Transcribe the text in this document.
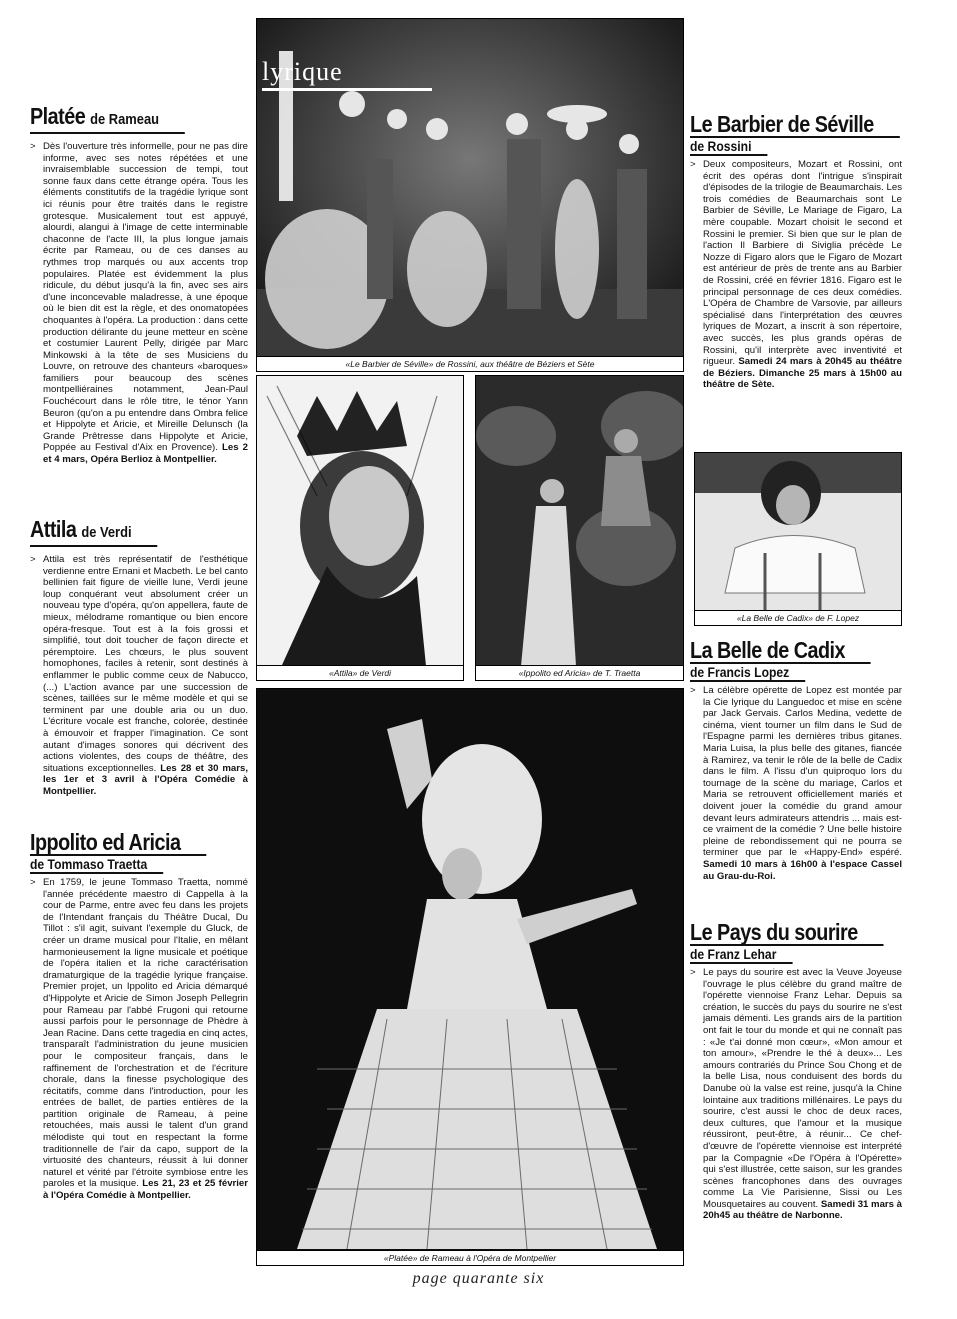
Platée de Rameau

> Dès l'ouverture très informelle, pour ne pas dire informe, avec ses notes répétées et une invraisemblable succession de tempi, tout sonne faux dans cette étrange opéra. Tous les éléments constitutifs de la tragédie lyrique sont ici réunis pour être traités dans le registre grotesque. Musicalement tout est appuyé, alourdi, alangui à l'image de cette interminable chaconne de l'acte III, la plus longue jamais écrite par Rameau, ou de ces danses au rythmes trop marqués ou aux accents trop populaires. Platée est évidemment la plus ridicule, du début jusqu'à la fin, avec ses airs d'une inconcevable maladresse, à une époque où le bien dit est la règle, et des onomatopées choquantes à l'opéra. La production : dans cette production délirante du jeune metteur en scène et costumier Laurent Pelly, dirigée par Marc Minkowski à la tête de ses Musiciens du Louvre, on retrouve des chanteurs «baroques» familiers pour beaucoup des scènes montpelliéraines notamment, Jean-Paul Fouchécourt dans le rôle titre, le ténor Yann Beuron (qu'on a pu entendre dans Ombra felice et Hippolyte et Aricie, et Mireille Delunsch (la Grande Prêtresse dans Hippolyte et Aricie, Poppée au Festival d'Aix en Provence). Les 2 et 4 mars, Opéra Berlioz à Montpellier.

Attila de Verdi

> Attila est très représentatif de l'esthétique verdienne entre Ernani et Macbeth. Le bel canto bellinien fait figure de vieille lune, Verdi jeune loup conquérant veut absolument créer un nouveau type d'opéra, qu'on appellera, faute de mieux, mélodrame romantique ou bien encore opéra-fresque. Tout est à la fois grossi et simplifié, tout doit toucher de façon directe et péremptoire. Les chœurs, le plus souvent homophones, faciles à retenir, sont destinés à enflammer le public comme ceux de Nabucco,(...) L'action avance par une succession de scènes, taillées sur le même modèle et qui se terminent par une double aria ou un duo. L'écriture vocale est franche, colorée, destinée à émouvoir et frapper l'imagination. Ce sont autant d'images sonores qui décrivent des actions violentes, des coups de théâtre, des situations exceptionnelles. Les 28 et 30 mars, les 1er et 3 avril à l'Opéra Comédie à Montpellier.

Ippolito ed Aricia
de Tommaso Traetta

> En 1759, le jeune Tommaso Traetta, nommé l'année précédente maestro di Cappella à la cour de Parme, entre avec feu dans les projets de l'Intendant français du Théâtre Ducal, Du Tillot : s'il agit, suivant l'exemple du Gluck, de créer un drame musical pour l'Italie, en mêlant harmonieusement la ligne musicale et poétique de l'opéra italien et la riche caractérisation dramaturgique de la tragédie lyrique française. Premier projet, un Ippolito ed Aricia démarqué d'Hippolyte et Aricie de Simon Joseph Pellegrin pour Rameau par l'abbé Frugoni qui retourne aussi parfois pour le personnage de Phèdre à Jean Racine. Dans cette tragedia en cinq actes, transparaît l'administration du jeune musicien pour le compositeur français, dans le raffinement de l'orchestration et de l'écriture chorale, dans la finesse psychologique des récitatifs, comme dans l'introduction, pour les entrées de ballet, de parties entières de la partition originale de Rameau, à peine retouchées, mais aussi le talent d'un grand mélodiste qui tout en respectant la forme traditionnelle de l'air da capo, support de la virtuosité des chanteurs, réussit à lui donner naturel et vérité par l'étroite symbiose entre les paroles et la musique. Les 21, 23 et 25 février à l'Opéra Comédie à Montpellier.

«Le Barbier de Séville» de Rossini, aux théâtre de Béziers et Sète
lyrique
«Attila» de Verdi	«Ippolito ed Aricia» de T. Traetta
«Platée» de Rameau à l'Opéra de Montpellier
Le Barbier de Séville
de Rossini

> Deux compositeurs, Mozart et Rossini, ont écrit des opéras dont l'intrigue s'inspirait d'épisodes de la trilogie de Beaumarchais. Les trois comédies de Beaumarchais sont Le Barbier de Séville, Le Mariage de Figaro, La mère coupable. Mozart choisit le second et Rossini le premier. Si bien que sur le plan de l'action Il Barbiere di Siviglia précède Le Nozze di Figaro alors que le Figaro de Mozart est antérieur de près de trente ans au Barbier de Rossini, créé en février 1816. Figaro est le principal personnage de ces deux comédies. L'Opéra de Chambre de Varsovie, par ailleurs spécialisé dans l'interprétation des œuvres lyriques de Mozart, a inscrit à son répertoire, avec succès, les plus grands opéras de Rossini, qu'il interprète avec inventivité et rigueur. Samedi 24 mars à 20h45 au théâtre de Béziers. Dimanche 25 mars à 15h00 au théâtre de Sète.

«La Belle de Cadix» de F. Lopez
La Belle de Cadix
de Francis Lopez

> La célèbre opérette de Lopez est montée par la Cie lyrique du Languedoc et mise en scène par Jack Gervais. Carlos Medina, vedette de cinéma, vient tourner un film dans le Sud de l'Espagne parmi les dernières tribus gitanes. Maria Luisa, la plus belle des gitanes, fiancée à Ramirez, va tenir le rôle de la belle de Cadix dans le film. A l'issu d'un quiproquo lors du tournage de la scène du mariage, Carlos et Maria se retrouvent officiellement mariés et doivent jouer la comédie du grand amour devant leurs admirateurs attendris ... mais est-ce vraiment de la comédie ? Une belle histoire pleine de rebondissement qui ne pourra se terminer que par le «Happy-End» espéré. Samedi 10 mars à 16h00 à l'espace Cassel au Grau-du-Roi.

Le Pays du sourire
de Franz Lehar

> Le pays du sourire est avec la Veuve Joyeuse l'ouvrage le plus célèbre du grand maître de l'opérette viennoise Franz Lehar. Depuis sa création, le succès du pays du sourire ne s'est jamais démenti. Les grands airs de la partition ont fait le tour du monde et qui ne connaît pas : «Je t'ai donné mon cœur», «Mon amour et ton amour», «Prendre le thé à deux»... Les amours contrariés du Prince Sou Chong et de la belle Lisa, nous conduisent des bords du Danube où la valse est reine, jusqu'à la Chine lointaine aux traditions millénaires. Le pays du sourire, c'est aussi le choc de deux races, deux cultures, que l'amour et la musique réussiront, peut-être, à réunir... Ce chef-d'œuvre de l'opérette viennoise est interprété par la Compagnie «De l'Opéra à l'Opérette» qui s'est illustrée, cette saison, sur les grandes scènes francophones dans des ouvrages comme La Vie Parisienne, Sissi ou Les Mousquetaires au couvent. Samedi 31 mars à 20h45 au théâtre de Narbonne.

page quarante six
